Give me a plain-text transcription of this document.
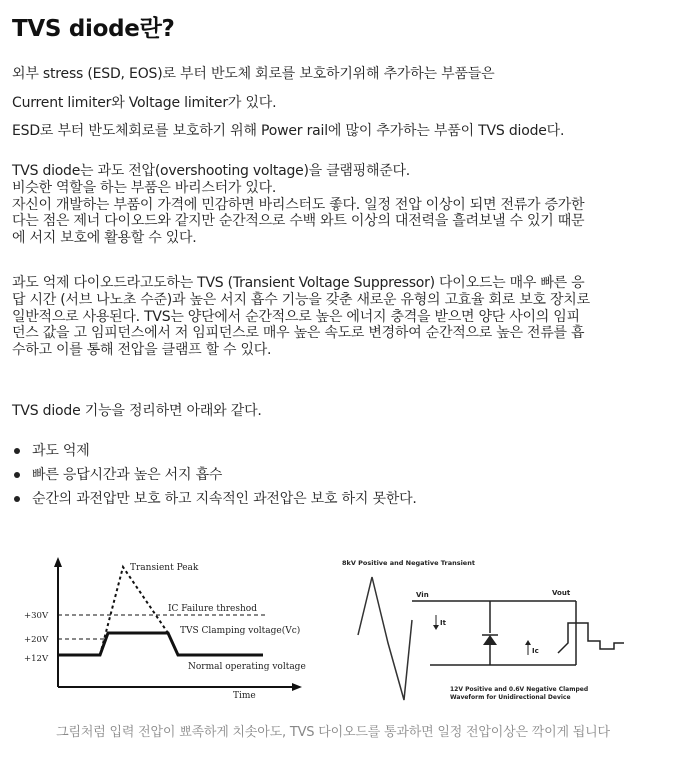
TVS diode란?

외부 stress (ESD, EOS)로 부터 반도체 회로를 보호하기위해 추가하는 부품들은

Current limiter와 Voltage limiter가 있다.

ESD로 부터 반도체회로를 보호하기 위해 Power rail에 많이 추가하는 부품이 TVS diode다.

TVS diode는 과도 전압(overshooting voltage)을 클램핑해준다.
비슷한 역할을 하는 부품은 바리스터가 있다.
자신이 개발하는 부품이 가격에 민감하면 바리스터도 좋다. 일정 전압 이상이 되면 전류가 증가한
다는 점은 제너 다이오드와 같지만 순간적으로 수백 와트 이상의 대전력을 흘려보낼 수 있기 때문
에 서지 보호에 활용할 수 있다.
과도 억제 다이오드라고도하는 TVS (Transient Voltage Suppressor) 다이오드는 매우 빠른 응
답 시간 (서브 나노초 수준)과 높은 서지 흡수 기능을 갖춘 새로운 유형의 고효율 회로 보호 장치로
일반적으로 사용된다. TVS는 양단에서 순간적으로 높은 에너지 충격을 받으면 양단 사이의 임피
던스 값을 고 임피던스에서 저 임피던스로 매우 높은 속도로 변경하여 순간적으로 높은 전류를 흡
수하고 이를 통해 전압을 클램프 할 수 있다.

TVS diode 기능을 정리하면 아래와 같다.

과도 억제
빠른 응답시간과 높은 서지 흡수
순간의 과전압만 보호 하고 지속적인 과전압은 보호 하지 못한다.
Transient Peak
IC Failure threshod
TVS Clamping voltage(Vc)
Normal operating voltage
Time
+30V
+20V
+12V
8kV Positive and Negative Transient
Vin	Vout
It
Ic
12V Positive and 0.6V Negative Clamped
Waveform for Unidirectional Device
그림처럼 입력 전압이 뾰족하게 치솟아도, TVS 다이오드를 통과하면 일정 전압이상은 깍이게 됩니다
